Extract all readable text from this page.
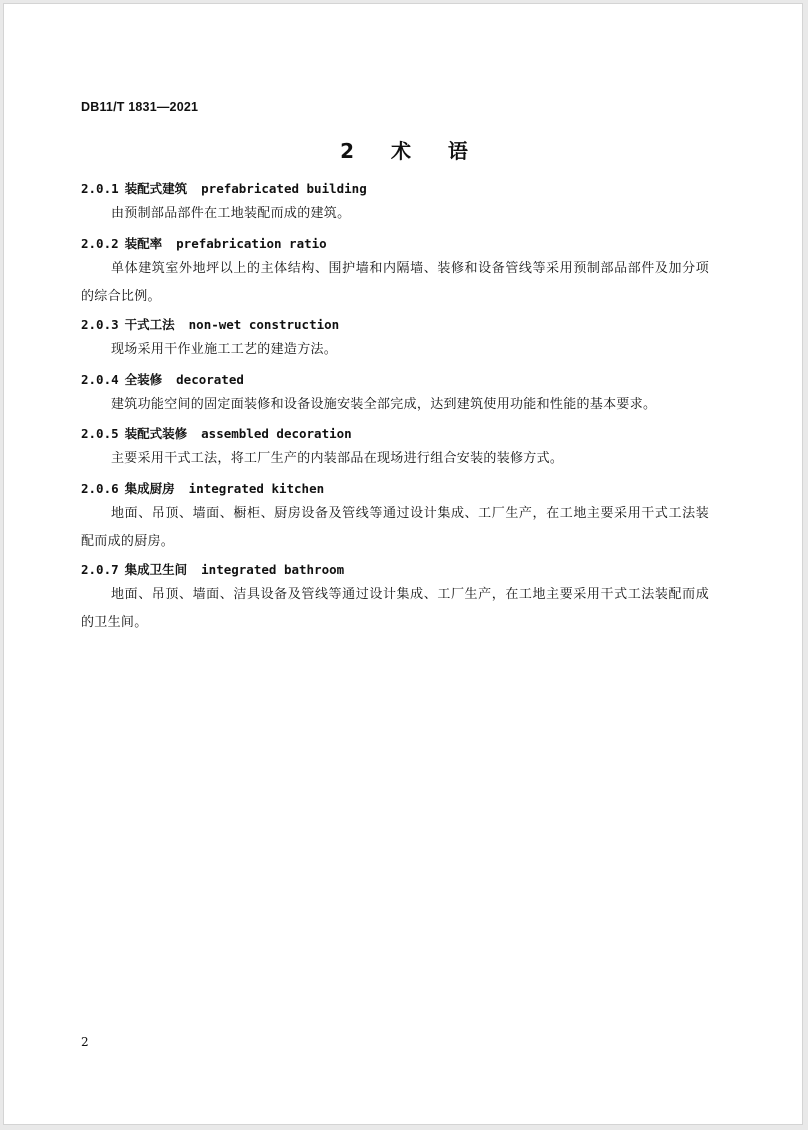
DB11/T 1831—2021
2 术 语
2.0.1 装配式建筑 prefabricated building
由预制部品部件在工地装配而成的建筑。
2.0.2 装配率 prefabrication ratio
单体建筑室外地坪以上的主体结构、围护墙和内隔墙、装修和设备管线等采用预制部品部件及加分项的综合比例。
2.0.3 干式工法 non-wet construction
现场采用干作业施工工艺的建造方法。
2.0.4 全装修 decorated
建筑功能空间的固定面装修和设备设施安装全部完成，达到建筑使用功能和性能的基本要求。
2.0.5 装配式装修 assembled decoration
主要采用干式工法，将工厂生产的内装部品在现场进行组合安装的装修方式。
2.0.6 集成厨房 integrated kitchen
地面、吊顶、墙面、橱柜、厨房设备及管线等通过设计集成、工厂生产，在工地主要采用干式工法装配而成的厨房。
2.0.7 集成卫生间 integrated bathroom
地面、吊顶、墙面、洁具设备及管线等通过设计集成、工厂生产，在工地主要采用干式工法装配而成的卫生间。
2
